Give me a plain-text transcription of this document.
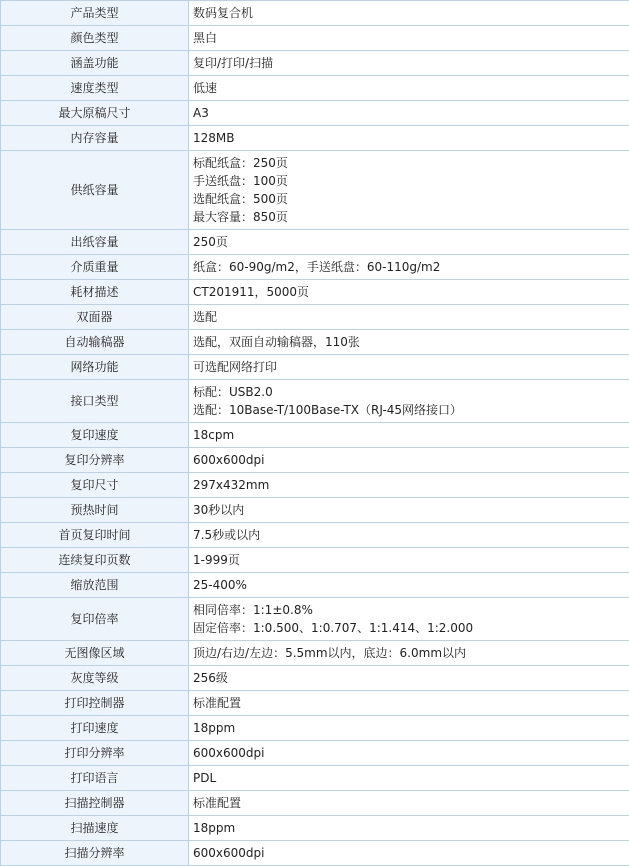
产品类型	数码复合机

颜色类型	黑白

涵盖功能	复印/打印/扫描

速度类型	低速

最大原稿尺寸	A3

内存容量	128MB

供纸容量	标配纸盒：250页
手送纸盘：100页
选配纸盒：500页
最大容量：850页

出纸容量	250页

介质重量	纸盒：60-90g/m2，手送纸盘：60-110g/m2

耗材描述	CT201911，5000页

双面器	选配

自动输稿器	选配，双面自动输稿器，110张

网络功能	可选配网络打印

接口类型	标配：USB2.0
选配：10Base-T/100Base-TX（RJ-45网络接口）

复印速度	18cpm

复印分辨率	600x600dpi

复印尺寸	297x432mm

预热时间	30秒以内

首页复印时间	7.5秒或以内

连续复印页数	1-999页

缩放范围	25-400%

复印倍率	相同倍率：1:1±0.8%
固定倍率：1:0.500、1:0.707、1:1.414、1:2.000

无图像区域	顶边/右边/左边：5.5mm以内，底边：6.0mm以内

灰度等级	256级

打印控制器	标准配置

打印速度	18ppm

打印分辨率	600x600dpi

打印语言	PDL

扫描控制器	标准配置

扫描速度	18ppm

扫描分辨率	600x600dpi
